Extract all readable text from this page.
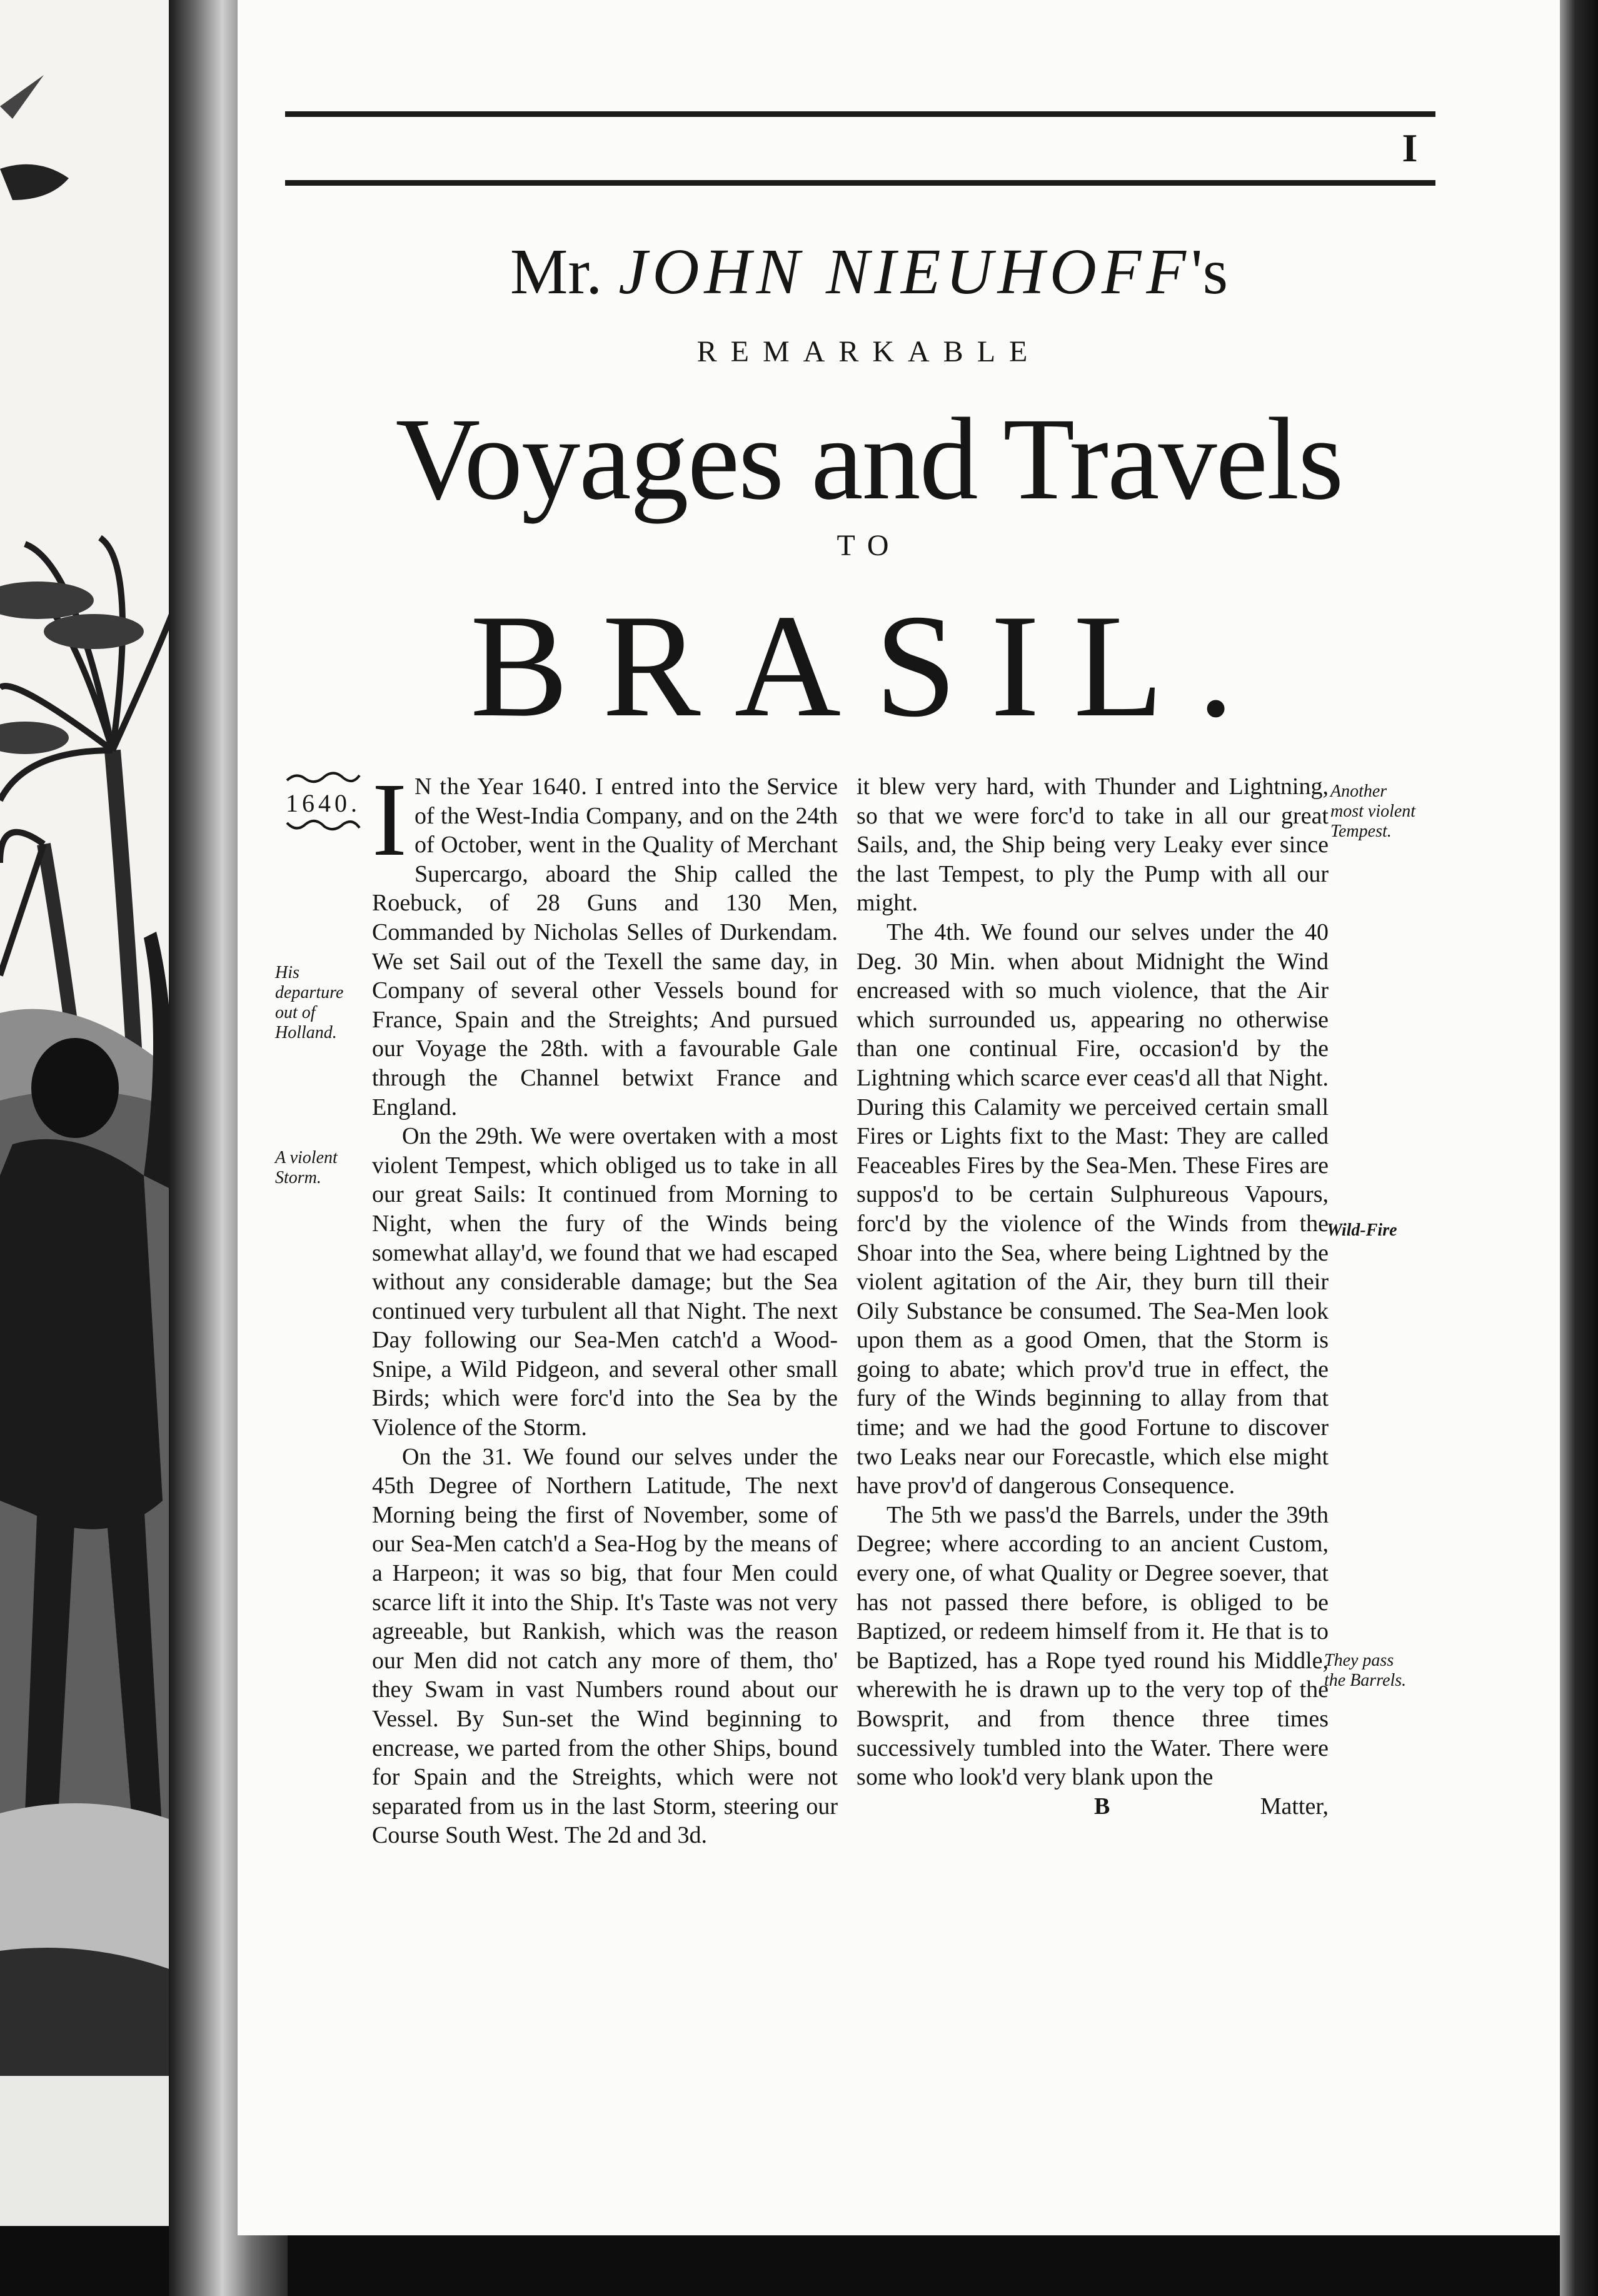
I
Mr. JOHN NIEUHOFF's
REMARKABLE
Voyages and Travels
TO
BRASIL.
1640.
His departure out of Holland.
A violent Storm.
Another most violent Tempest.
Wild-Fire
They pass the Barrels.

I N the Year 1640. I entred into the Service of the West-India Company, and on the 24th of October, went in the Quality of Merchant Supercargo, aboard the Ship called the Roebuck, of 28 Guns and 130 Men, Commanded by Nicholas Selles of Durkendam. We set Sail out of the Texell the same day, in Company of several other Vessels bound for France, Spain and the Streights; And pursued our Voyage the 28th. with a favourable Gale through the Channel betwixt France and England.

On the 29th. We were overtaken with a most violent Tempest, which obliged us to take in all our great Sails: It continued from Morning to Night, when the fury of the Winds being somewhat allay'd, we found that we had escaped without any considerable damage; but the Sea continued very turbulent all that Night. The next Day following our Sea-Men catch'd a Wood-Snipe, a Wild Pidgeon, and several other small Birds; which were forc'd into the Sea by the Violence of the Storm.

On the 31. We found our selves under the 45th Degree of Northern Latitude, The next Morning being the first of November, some of our Sea-Men catch'd a Sea-Hog by the means of a Harpeon; it was so big, that four Men could scarce lift it into the Ship. It's Taste was not very agreeable, but Rankish, which was the reason our Men did not catch any more of them, tho' they Swam in vast Numbers round about our Vessel. By Sun-set the Wind beginning to encrease, we parted from the other Ships, bound for Spain and the Streights, which were not separated from us in the last Storm, steering our Course South West. The 2d and 3d.

it blew very hard, with Thunder and Lightning, so that we were forc'd to take in all our great Sails, and, the Ship being very Leaky ever since the last Tempest, to ply the Pump with all our might.

The 4th. We found our selves under the 40 Deg. 30 Min. when about Midnight the Wind encreased with so much violence, that the Air which surrounded us, appearing no otherwise than one continual Fire, occasion'd by the Lightning which scarce ever ceas'd all that Night. During this Calamity we perceived certain small Fires or Lights fixt to the Mast: They are called Feaceables Fires by the Sea-Men. These Fires are suppos'd to be certain Sulphureous Vapours, forc'd by the violence of the Winds from the Shoar into the Sea, where being Lightned by the violent agitation of the Air, they burn till their Oily Substance be consumed. The Sea-Men look upon them as a good Omen, that the Storm is going to abate; which prov'd true in effect, the fury of the Winds beginning to allay from that time; and we had the good Fortune to discover two Leaks near our Forecastle, which else might have prov'd of dangerous Consequence.

The 5th we pass'd the Barrels, under the 39th Degree; where according to an ancient Custom, every one, of what Quality or Degree soever, that has not passed there before, is obliged to be Baptized, or redeem himself from it. He that is to be Baptized, has a Rope tyed round his Middle, wherewith he is drawn up to the very top of the Bowsprit, and from thence three times successively tumbled into the Water. There were some who look'd very blank upon the

B	Matter,
